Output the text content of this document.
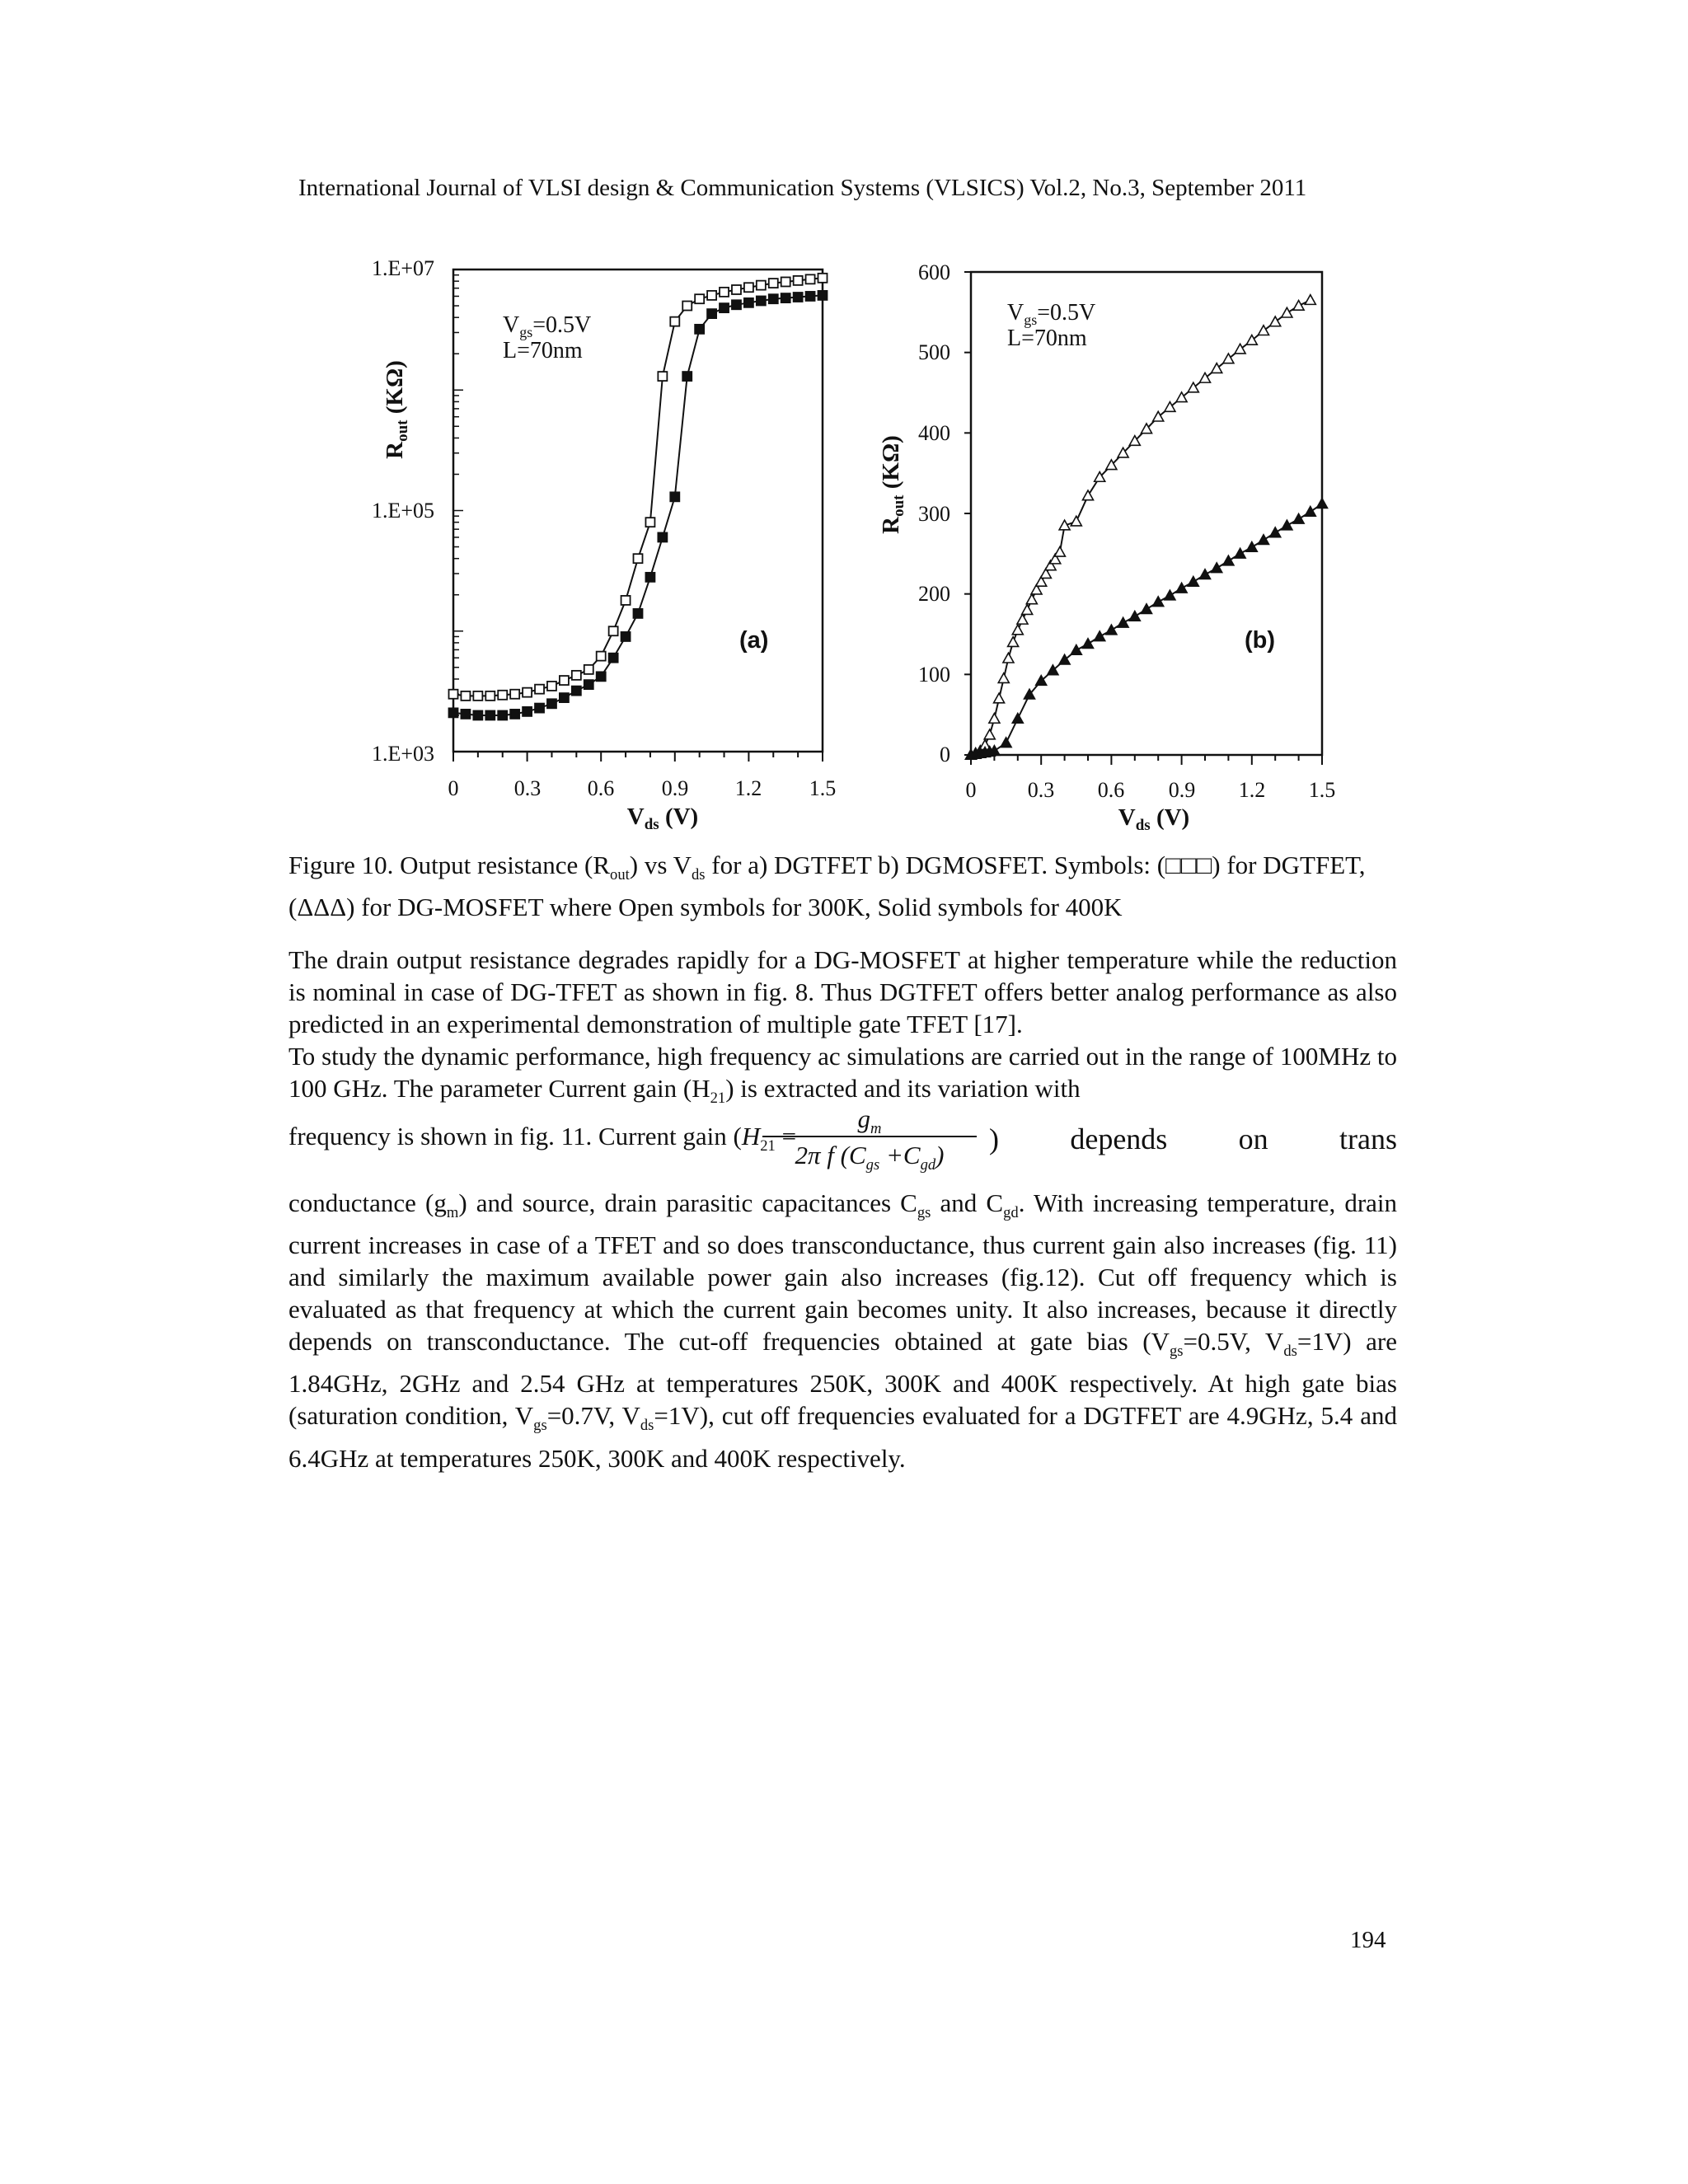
International Journal of VLSI design & Communication Systems (VLSICS) Vol.2, No.3, September 2011
1.E+03
1.E+05
1.E+07
0	0.3 0.6 0.9 1.2 1.5
$V_{ds}$ (V)
$R_{out}$ (KΩ)
$V_{gs}=0.5V$
L=70nm
(a)
0
100
200
300
400
500
600
0 0.3 0.6 0.9 1.2 1.5
$V_{ds}$ (V)
$R_{out}$ (KΩ)
$V_{gs}=0.5V$
L=70nm
(b)
Figure 10. Output resistance $(R_{out})$ vs $V_{ds}$ for a) DGTFET b) DGMOSFET. Symbols: (□□□) for DGTFET, (ΔΔΔ) for DG-MOSFET where Open symbols for 300K, Solid symbols for 400K

The drain output resistance degrades rapidly for a DG-MOSFET at higher temperature while the reduction is nominal in case of DG-TFET as shown in fig. 8. Thus DGTFET offers better analog performance as also predicted in an experimental demonstration of multiple gate TFET [17].

To study the dynamic performance, high frequency ac simulations are carried out in the range of 100MHz to 100 GHz. The parameter Current gain $(H_{21})$ is extracted and its variation with

frequency is shown in fig. 11. Current gain ($H_{21}$ =
$g_m$
2π f $(C_{gs} +C_{gd})$	) depends on trans

conductance $(g_m)$ and source, drain parasitic capacitances $C_{gs}$ and $C_{gd}$. With increasing temperature, drain current increases in case of a TFET and so does transconductance, thus current gain also increases (fig. 11) and similarly the maximum available power gain also increases (fig.12). Cut off frequency which is evaluated as that frequency at which the current gain becomes unity. It also increases, because it directly depends on transconductance. The cut-off frequencies obtained at gate bias ($V_{gs}=0.5V$, $V_{ds}=1V$) are 1.84GHz, 2GHz and 2.54 GHz at temperatures 250K, 300K and 400K respectively. At high gate bias (saturation condition, $V_{gs}=0.7V$, $V_{ds}=1V$), cut off frequencies evaluated for a DGTFET are 4.9GHz, 5.4 and 6.4GHz at temperatures 250K, 300K and 400K respectively.

194
